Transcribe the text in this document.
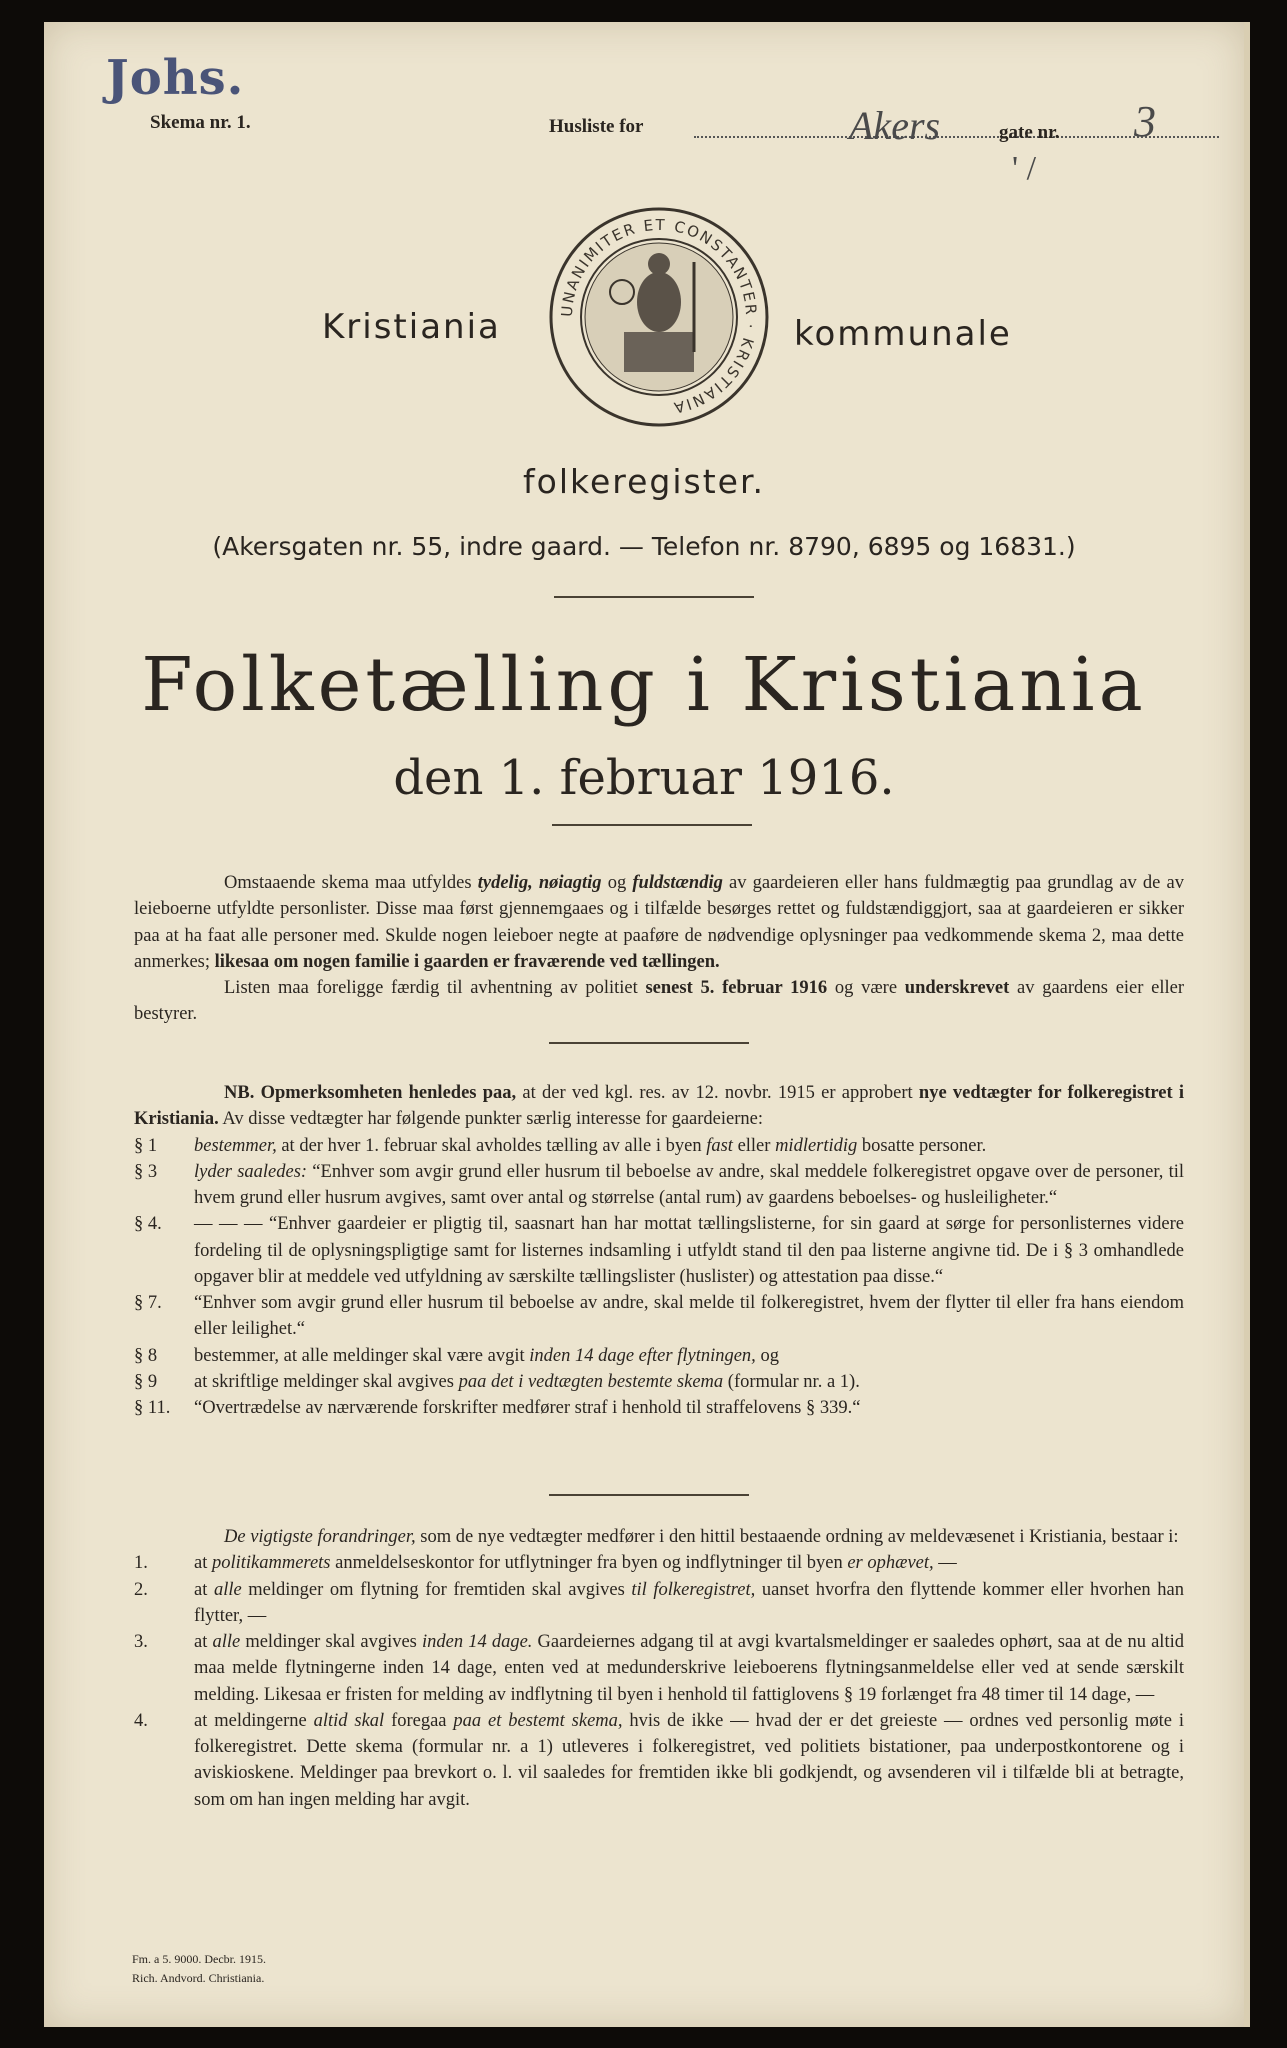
Johs.
Skema nr. 1.	Husliste for	Akers	gate nr. 3
' /
Kristiania	UNANIMITER ET CONSTANTER · KRISTIANIA
kommunale
folkeregister.
(Akersgaten nr. 55, indre gaard. — Telefon nr. 8790, 6895 og 16831.)
Folketælling i Kristiania
den 1. februar 1916.

Omstaaende skema maa utfyldes tydelig, nøiagtig og fuldstændig av gaardeieren eller hans fuldmægtig paa grundlag av de av leieboerne utfyldte personlister. Disse maa først gjennemgaaes og i tilfælde besørges rettet og fuldstændiggjort, saa at gaardeieren er sikker paa at ha faat alle personer med. Skulde nogen leieboer negte at paaføre de nødvendige oplysninger paa vedkommende skema 2, maa dette anmerkes; likesaa om nogen familie i gaarden er fraværende ved tællingen.

Listen maa foreligge færdig til avhentning av politiet senest 5. februar 1916 og være underskrevet av gaardens eier eller bestyrer.

NB. Opmerksomheten henledes paa, at der ved kgl. res. av 12. novbr. 1915 er approbert nye vedtægter for folkeregistret i Kristiania. Av disse vedtægter har følgende punkter særlig interesse for gaardeierne:

§ 1	bestemmer, at der hver 1. februar skal avholdes tælling av alle i byen fast eller midlertidig bosatte personer.
§ 3	lyder saaledes: “Enhver som avgir grund eller husrum til beboelse av andre, skal meddele folkeregistret opgave over de personer, til hvem grund eller husrum avgives, samt over antal og størrelse (antal rum) av gaardens beboelses- og husleiligheter.“
§ 4.	— — — “Enhver gaardeier er pligtig til, saasnart han har mottat tællingslisterne, for sin gaard at sørge for personlisternes videre fordeling til de oplysningspligtige samt for listernes indsamling i utfyldt stand til den paa listerne angivne tid. De i § 3 omhandlede opgaver blir at meddele ved utfyldning av særskilte tællingslister (huslister) og attestation paa disse.“
§ 7.	“Enhver som avgir grund eller husrum til beboelse av andre, skal melde til folkeregistret, hvem der flytter til eller fra hans eiendom eller leilighet.“
§ 8	bestemmer, at alle meldinger skal være avgit inden 14 dage efter flytningen, og
§ 9	at skriftlige meldinger skal avgives paa det i vedtægten bestemte skema (formular nr. a 1).
§ 11.	“Overtrædelse av nærværende forskrifter medfører straf i henhold til straffelovens § 339.“

De vigtigste forandringer, som de nye vedtægter medfører i den hittil bestaaende ordning av meldevæsenet i Kristiania, bestaar i:

1.	at politikammerets anmeldelseskontor for utflytninger fra byen og indflytninger til byen er ophævet, —
2.	at alle meldinger om flytning for fremtiden skal avgives til folkeregistret, uanset hvorfra den flyttende kommer eller hvorhen han flytter, —
3.	at alle meldinger skal avgives inden 14 dage. Gaardeiernes adgang til at avgi kvartalsmeldinger er saaledes ophørt, saa at de nu altid maa melde flytningerne inden 14 dage, enten ved at medunderskrive leieboerens flytningsanmeldelse eller ved at sende særskilt melding. Likesaa er fristen for melding av indflytning til byen i henhold til fattiglovens § 19 forlænget fra 48 timer til 14 dage, —
4.	at meldingerne altid skal foregaa paa et bestemt skema, hvis de ikke — hvad der er det greieste — ordnes ved personlig møte i folkeregistret. Dette skema (formular nr. a 1) utleveres i folkeregistret, ved politiets bistationer, paa underpostkontorene og i aviskioskene. Meldinger paa brevkort o. l. vil saaledes for fremtiden ikke bli godkjendt, og avsenderen vil i tilfælde bli at betragte, som om han ingen melding har avgit.
Fm. a 5. 9000. Decbr. 1915.
Rich. Andvord. Christiania.
